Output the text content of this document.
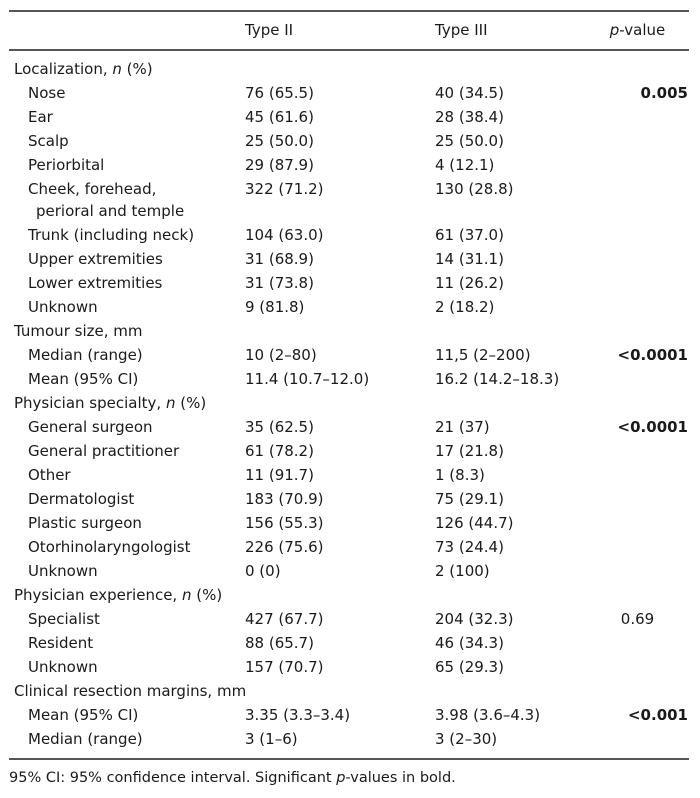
Type II	Type III	p-value
Localization, n (%)
Nose	76 (65.5)	40 (34.5)	0.005
Ear	45 (61.6)	28 (38.4)
Scalp	25 (50.0)	25 (50.0)
Periorbital	29 (87.9)	4 (12.1)
Cheek, forehead,	322 (71.2)	130 (28.8)
perioral and temple
Trunk (including neck)	104 (63.0)	61 (37.0)
Upper extremities	31 (68.9)	14 (31.1)
Lower extremities	31 (73.8)	11 (26.2)
Unknown	9 (81.8)	2 (18.2)
Tumour size, mm
Median (range)	10 (2–80)	11,5 (2–200)	<0.0001
Mean (95% CI)	11.4 (10.7–12.0)	16.2 (14.2–18.3)
Physician specialty, n (%)
General surgeon	35 (62.5)	21 (37)	<0.0001
General practitioner	61 (78.2)	17 (21.8)
Other	11 (91.7)	1 (8.3)
Dermatologist	183 (70.9)	75 (29.1)
Plastic surgeon	156 (55.3)	126 (44.7)
Otorhinolaryngologist	226 (75.6)	73 (24.4)
Unknown	0 (0)	2 (100)
Physician experience, n (%)
Specialist	427 (67.7)	204 (32.3)	0.69
Resident	88 (65.7)	46 (34.3)
Unknown	157 (70.7)	65 (29.3)
Clinical resection margins, mm
Mean (95% CI)	3.35 (3.3–3.4)	3.98 (3.6–4.3)	<0.001
Median (range)	3 (1–6)	3 (2–30)
95% CI: 95% confidence interval. Significant p-values in bold.
